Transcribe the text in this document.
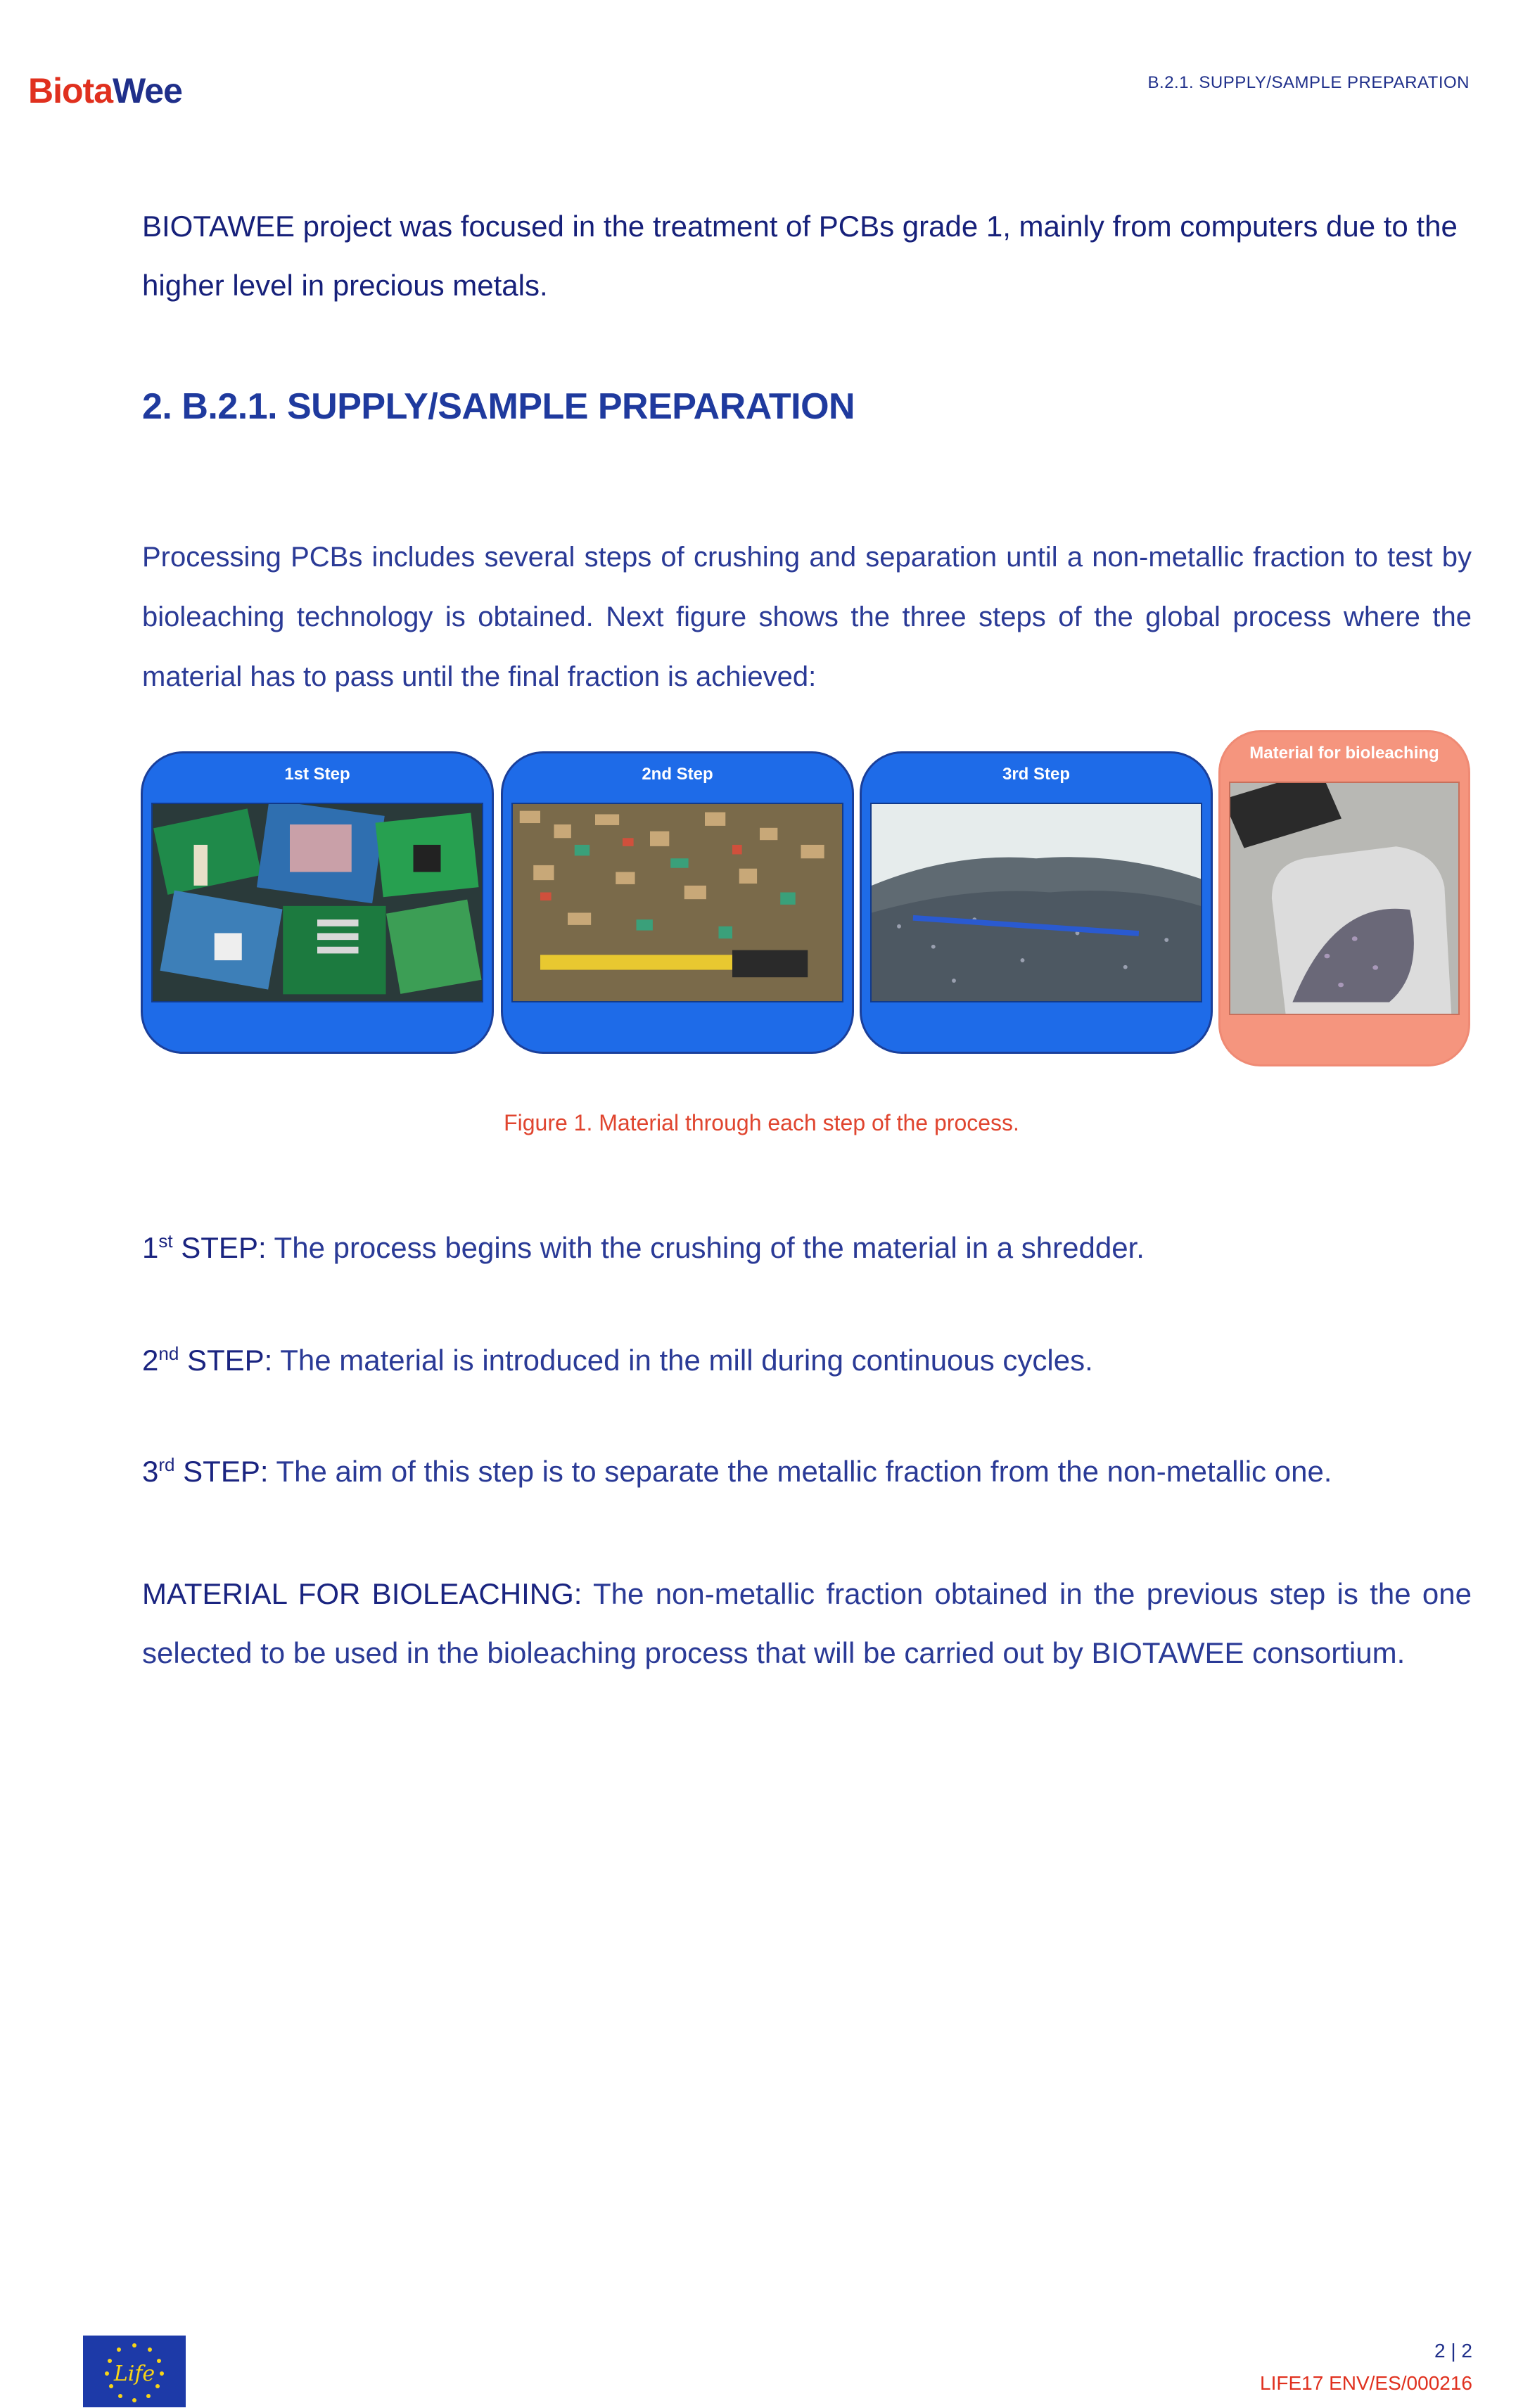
BiotaWee	B.2.1. SUPPLY/SAMPLE PREPARATION

BIOTAWEE project was focused in the treatment of PCBs grade 1, mainly from computers due to the higher level in precious metals.

2. B.2.1. SUPPLY/SAMPLE PREPARATION

Processing PCBs includes several steps of crushing and separation until a non-metallic fraction to test by bioleaching technology is obtained. Next figure shows the three steps of the global process where the material has to pass until the final fraction is achieved:

1st Step	2nd Step	3rd Step
Material for bioleaching
Figure 1. Material through each step of the process.

1st STEP: The process begins with the crushing of the material in a shredder.

2nd STEP: The material is introduced in the mill during continuous cycles.

3rd STEP: The aim of this step is to separate the metallic fraction from the non-metallic one.

MATERIAL FOR BIOLEACHING: The non-metallic fraction obtained in the previous step is the one selected to be used in the bioleaching process that will be carried out by BIOTAWEE consortium.

Life
2 | 2
LIFE17 ENV/ES/000216
